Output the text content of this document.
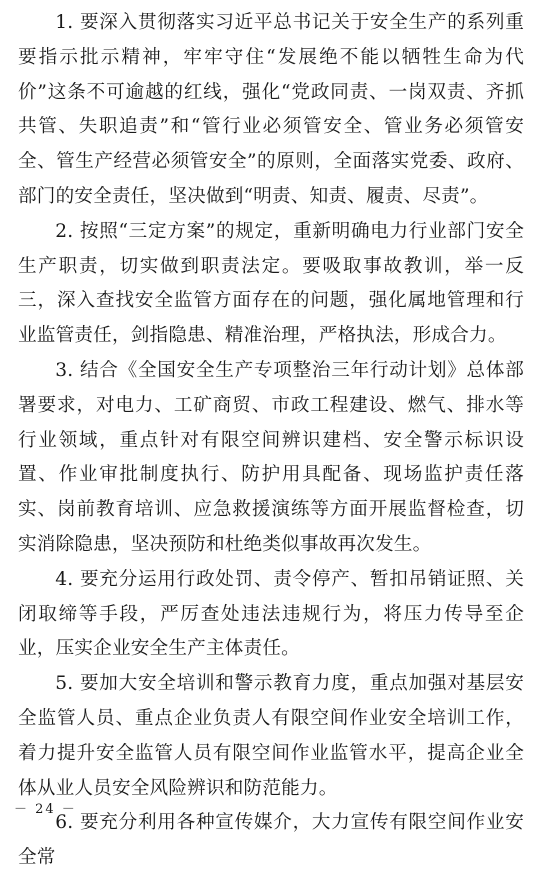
1. 要深入贯彻落实习近平总书记关于安全生产的系列重要指示批示精神，牢牢守住“发展绝不能以牺牲生命为代价”这条不可逾越的红线，强化“党政同责、一岗双责、齐抓共管、失职追责”和“管行业必须管安全、管业务必须管安全、管生产经营必须管安全”的原则，全面落实党委、政府、部门的安全责任，坚决做到“明责、知责、履责、尽责”。

2. 按照“三定方案”的规定，重新明确电力行业部门安全生产职责，切实做到职责法定。要吸取事故教训，举一反三，深入查找安全监管方面存在的问题，强化属地管理和行业监管责任，剑指隐患、精准治理，严格执法，形成合力。

3. 结合《全国安全生产专项整治三年行动计划》总体部署要求，对电力、工矿商贸、市政工程建设、燃气、排水等行业领域，重点针对有限空间辨识建档、安全警示标识设置、作业审批制度执行、防护用具配备、现场监护责任落实、岗前教育培训、应急救援演练等方面开展监督检查，切实消除隐患，坚决预防和杜绝类似事故再次发生。

4. 要充分运用行政处罚、责令停产、暂扣吊销证照、关闭取缔等手段，严厉查处违法违规行为，将压力传导至企业，压实企业安全生产主体责任。

5. 要加大安全培训和警示教育力度，重点加强对基层安全监管人员、重点企业负责人有限空间作业安全培训工作，着力提升安全监管人员有限空间作业监管水平，提高企业全体从业人员安全风险辨识和防范能力。

6. 要充分利用各种宣传媒介，大力宣传有限空间作业安全常

－ 24 －
